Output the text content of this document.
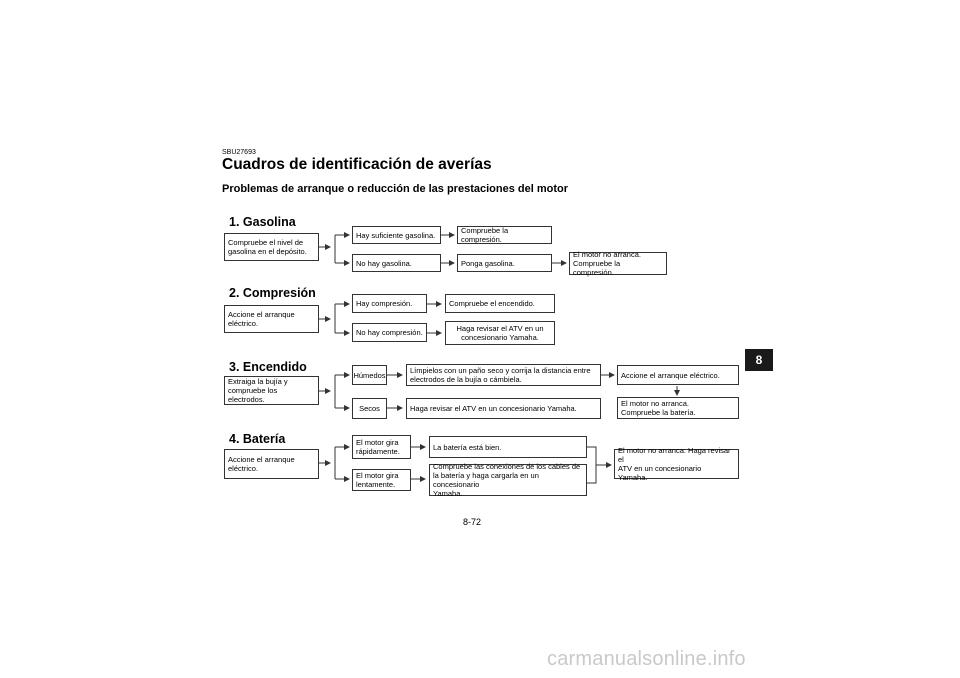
SBU27693
Cuadros de identificación de averías
Problemas de arranque o reducción de las prestaciones del motor
1. Gasolina
Compruebe el nivel de
gasolina en el depósito.
Hay suficiente gasolina.	Compruebe la compresión.
No hay gasolina.	Ponga gasolina.
El motor no arranca.
Compruebe la compresión.
2. Compresión
Accione el arranque
eléctrico.
Hay compresión.	Compruebe el encendido.
No hay compresión.	Haga revisar el ATV en un
concesionario Yamaha.
3. Encendido
Extraiga la bujía y
compruebe los electrodos.
Húmedos	Límpielos con un paño seco y corrija la distancia entre
electrodos de la bujía o cámbiela.	Accione el arranque eléctrico.
El motor no arranca.
Compruebe la batería.
Secos	Haga revisar el ATV en un concesionario Yamaha.
4. Batería
Accione el arranque
eléctrico.
El motor gira
rápidamente.	La batería está bien.
El motor gira
lentamente.
Compruebe las conexiones de los cables de
la batería y haga cargarla en un concesionario
Yamaha.
El motor no arranca. Haga revisar el
ATV en un concesionario
Yamaha.
8
8-72
carmanualsonline.info
